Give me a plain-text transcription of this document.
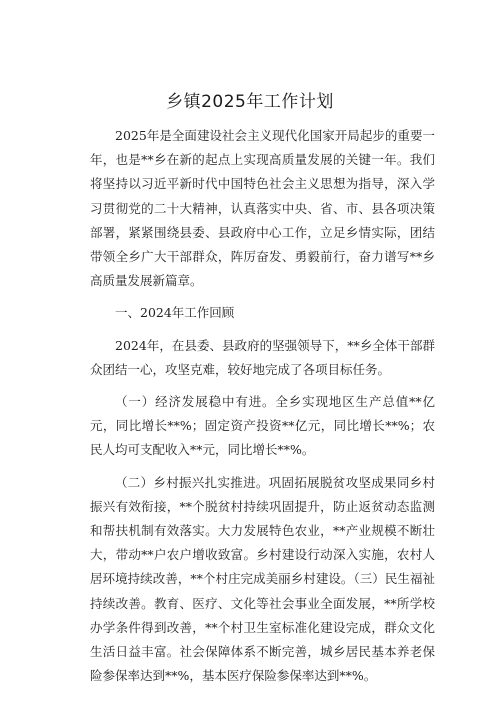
乡镇2025年工作计划

2025年是全面建设社会主义现代化国家开局起步的重要一年，也是**乡在新的起点上实现高质量发展的关键一年。我们将坚持以习近平新时代中国特色社会主义思想为指导，深入学习贯彻党的二十大精神，认真落实中央、省、市、县各项决策部署，紧紧围绕县委、县政府中心工作，立足乡情实际，团结带领全乡广大干部群众，阵厉奋发、勇毅前行，奋力谱写**乡高质量发展新篇章。

一、2024年工作回顾

2024年，在县委、县政府的坚强领导下，**乡全体干部群众团结一心，攻坚克难，较好地完成了各项目标任务。

（一）经济发展稳中有进。全乡实现地区生产总值**亿元，同比增长**%；固定资产投资**亿元，同比增长**%；农民人均可支配收入**元，同比增长**%。

（二）乡村振兴扎实推进。巩固拓展脱贫攻坚成果同乡村振兴有效衔接，**个脱贫村持续巩固提升，防止返贫动态监测和帮扶机制有效落实。大力发展特色农业，**产业规模不断壮大，带动**户农户增收致富。乡村建设行动深入实施，农村人居环境持续改善，**个村庄完成美丽乡村建设。（三）民生福祉持续改善。教育、医疗、文化等社会事业全面发展，**所学校办学条件得到改善，**个村卫生室标准化建设完成，群众文化生活日益丰富。社会保障体系不断完善，城乡居民基本养老保险参保率达到**%，基本医疗保险参保率达到**%。
